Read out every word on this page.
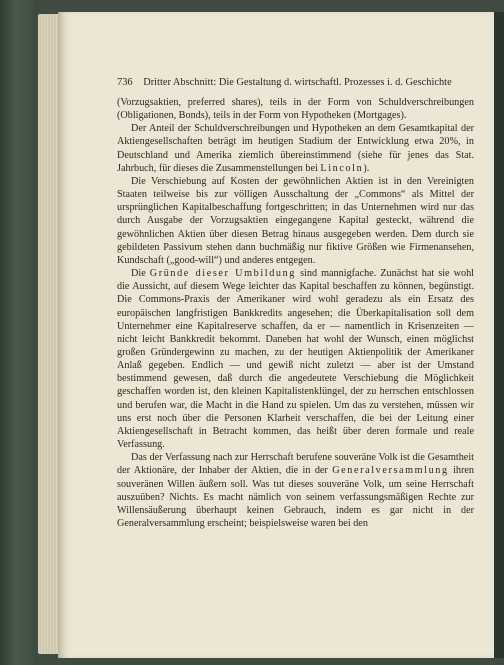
736 Dritter Abschnitt: Die Gestaltung d. wirtschaftl. Prozesses i. d. Geschichte

(Vorzugsaktien, preferred shares), teils in der Form von Schuldverschreibungen (Obligationen, Bonds), teils in der Form von Hypotheken (Mortgages).

Der Anteil der Schuldverschreibungen und Hypotheken an dem Gesamtkapital der Aktiengesellschaften beträgt im heutigen Stadium der Entwicklung etwa 20%, in Deutschland und Amerika ziemlich übereinstimmend (siehe für jenes das Stat. Jahrbuch, für dieses die Zusammenstellungen bei Lincoln).

Die Verschiebung auf Kosten der gewöhnlichen Aktien ist in den Vereinigten Staaten teilweise bis zur völligen Ausschaltung der „Commons“ als Mittel der ursprünglichen Kapitalbeschaffung fortgeschritten; in das Unternehmen wird nur das durch Ausgabe der Vorzugsaktien eingegangene Kapital gesteckt, während die gewöhnlichen Aktien über diesen Betrag hinaus ausgegeben werden. Dem durch sie gebildeten Passivum stehen dann buchmäßig nur fiktive Größen wie Firmenansehen, Kundschaft („good-will“) und anderes entgegen.

Die Gründe dieser Umbildung sind mannigfache. Zunächst hat sie wohl die Aussicht, auf diesem Wege leichter das Kapital beschaffen zu können, begünstigt. Die Commons-Praxis der Amerikaner wird wohl geradezu als ein Ersatz des europäischen langfristigen Bankkredits angesehen; die Überkapitalisation soll dem Unternehmer eine Kapitalreserve schaffen, da er — namentlich in Krisenzeiten — nicht leicht Bankkredit bekommt. Daneben hat wohl der Wunsch, einen möglichst großen Gründergewinn zu machen, zu der heutigen Aktienpolitik der Amerikaner Anlaß gegeben. Endlich — und gewiß nicht zuletzt — aber ist der Umstand bestimmend gewesen, daß durch die angedeutete Verschiebung die Möglichkeit geschaffen worden ist, den kleinen Kapitalistenklüngel, der zu herrschen entschlossen und berufen war, die Macht in die Hand zu spielen. Um das zu verstehen, müssen wir uns erst noch über die Personen Klarheit verschaffen, die bei der Leitung einer Aktiengesellschaft in Betracht kommen, das heißt über deren formale und reale Verfassung.

Das der Verfassung nach zur Herrschaft berufene souveräne Volk ist die Gesamtheit der Aktionäre, der Inhaber der Aktien, die in der Generalversammlung ihren souveränen Willen äußern soll. Was tut dieses souveräne Volk, um seine Herrschaft auszuüben? Nichts. Es macht nämlich von seinem verfassungsmäßigen Rechte zur Willensäußerung überhaupt keinen Gebrauch, indem es gar nicht in der Generalversammlung erscheint; beispielsweise waren bei den
